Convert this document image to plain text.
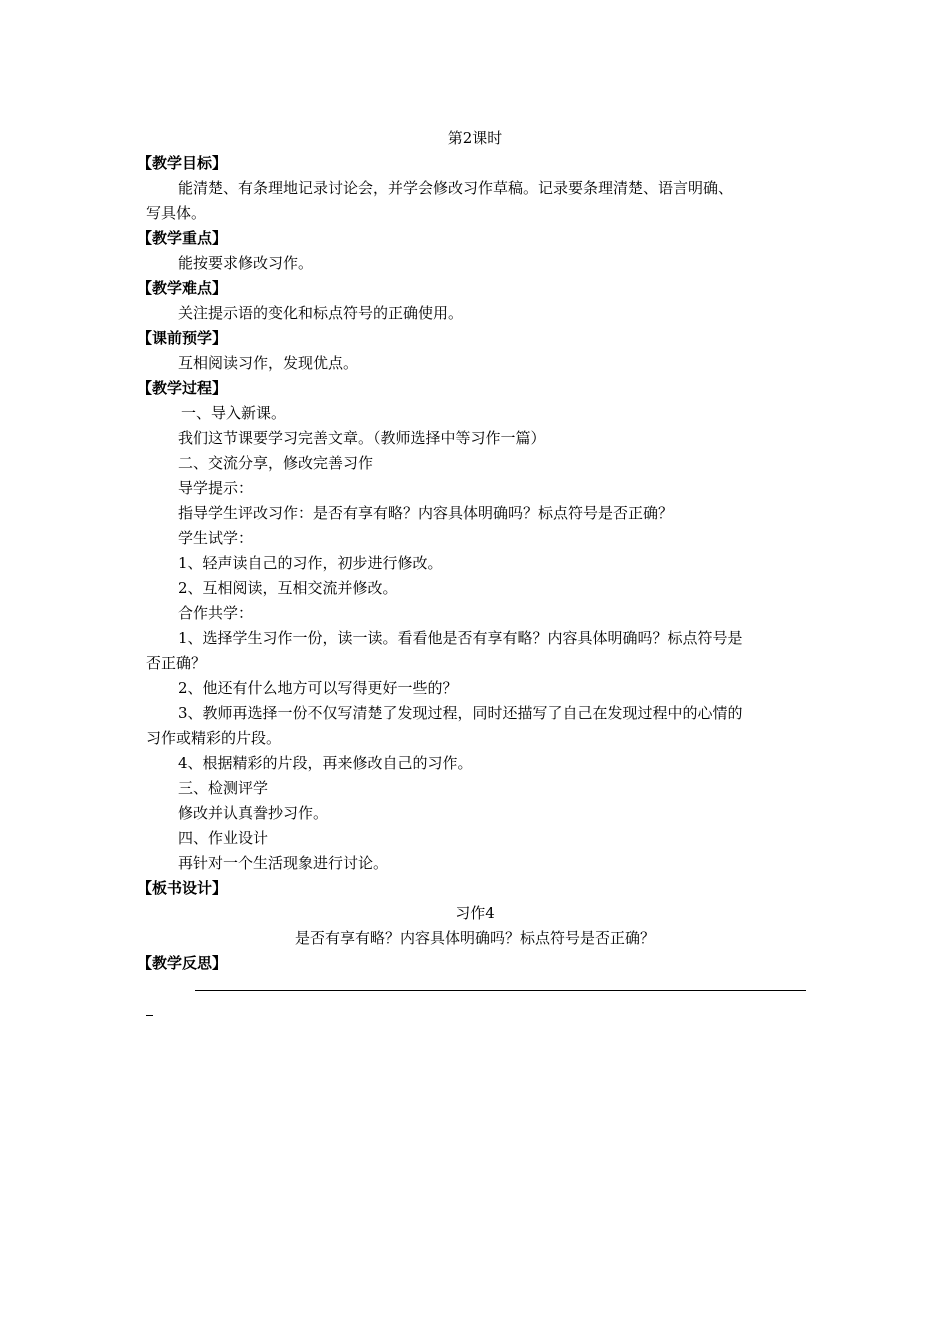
第2课时
【教学目标】
能清楚、有条理地记录讨论会，并学会修改习作草稿。记录要条理清楚、语言明确、
写具体。
【教学重点】
能按要求修改习作。
【教学难点】
关注提示语的变化和标点符号的正确使用。
【课前预学】
互相阅读习作，发现优点。
【教学过程】
一、导入新课。
我们这节课要学习完善文章。（教师选择中等习作一篇）
二、交流分享，修改完善习作
导学提示：
指导学生评改习作：是否有享有略？内容具体明确吗？标点符号是否正确？
学生试学：
1、轻声读自己的习作，初步进行修改。
2、互相阅读，互相交流并修改。
合作共学：
1、选择学生习作一份，读一读。看看他是否有享有略？内容具体明确吗？标点符号是
否正确？
2、他还有什么地方可以写得更好一些的？
3、教师再选择一份不仅写清楚了发现过程，同时还描写了自己在发现过程中的心情的
习作或精彩的片段。
4、根据精彩的片段，再来修改自己的习作。
三、检测评学
修改并认真誊抄习作。
四、作业设计
再针对一个生活现象进行讨论。
【板书设计】
习作4
是否有享有略？内容具体明确吗？标点符号是否正确？
【教学反思】
